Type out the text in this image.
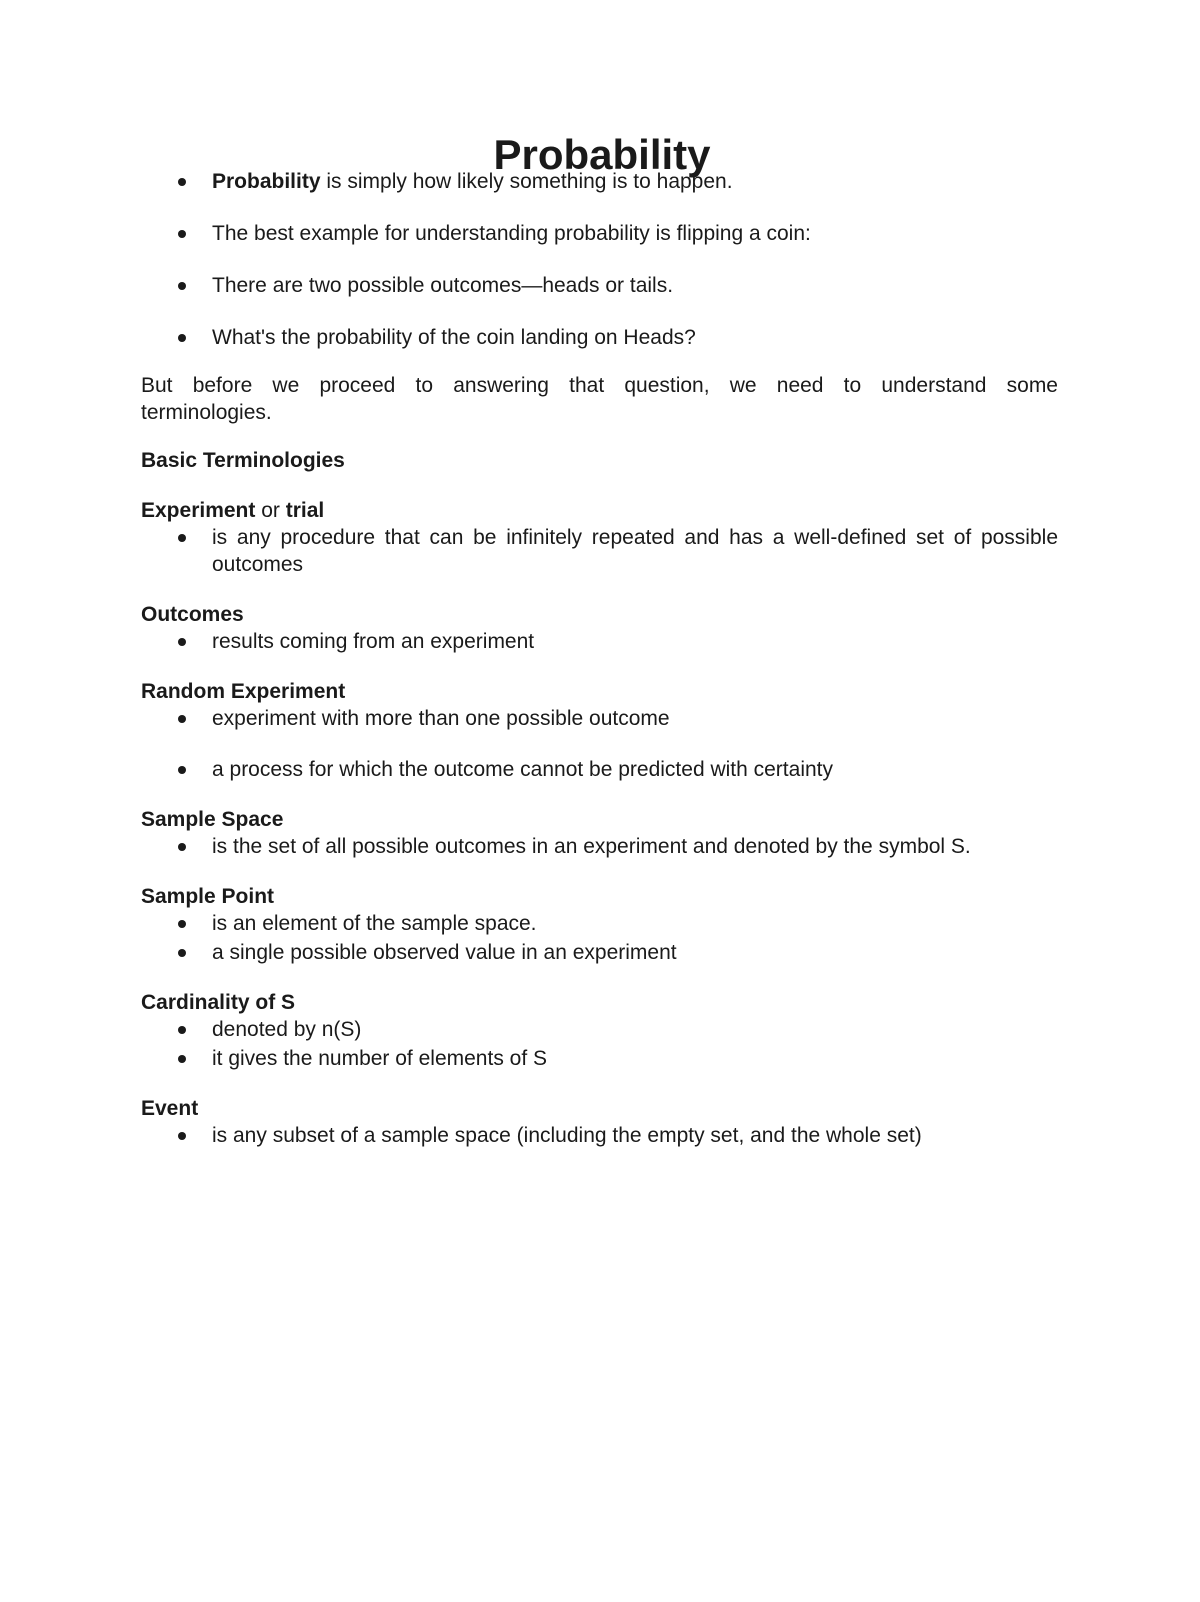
Probability
Probability is simply how likely something is to happen.
The best example for understanding probability is flipping a coin:
There are two possible outcomes—heads or tails.
What's the probability of the coin landing on Heads?

But before we proceed to answering that question, we need to understand some
terminologies.

Basic Terminologies
Experiment or trial
is any procedure that can be infinitely repeated and has a well-defined set of possible outcomes
Outcomes
results coming from an experiment
Random Experiment
experiment with more than one possible outcome
a process for which the outcome cannot be predicted with certainty
Sample Space
is the set of all possible outcomes in an experiment and denoted by the symbol S.
Sample Point
is an element of the sample space.
a single possible observed value in an experiment
Cardinality of S
denoted by n(S)
it gives the number of elements of S
Event
is any subset of a sample space (including the empty set, and the whole set)
